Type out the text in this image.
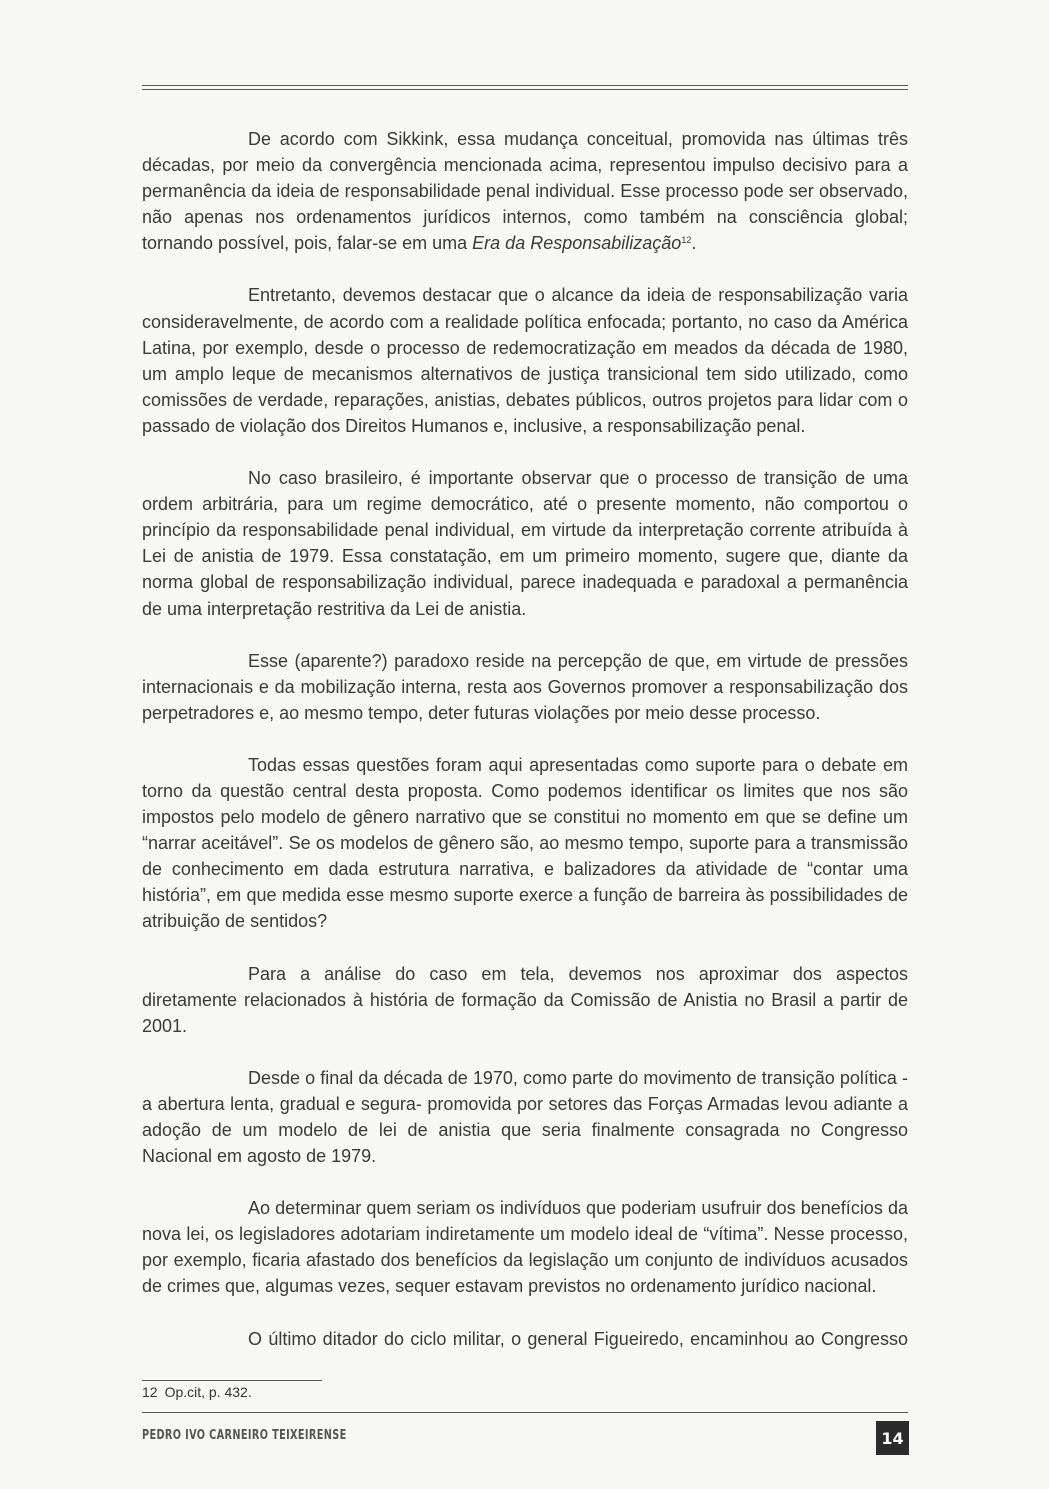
De acordo com Sikkink, essa mudança conceitual, promovida nas últimas três décadas, por meio da convergência mencionada acima, representou impulso decisivo para a permanência da ideia de responsabilidade penal individual. Esse processo pode ser observado, não apenas nos ordenamentos jurídicos internos, como também na consciência global; tornando possível, pois, falar-se em uma Era da Responsabilização$^{12}$.

Entretanto, devemos destacar que o alcance da ideia de responsabilização varia consideravelmente, de acordo com a realidade política enfocada; portanto, no caso da América Latina, por exemplo, desde o processo de redemocratização em meados da década de 1980, um amplo leque de mecanismos alternativos de justiça transicional tem sido utilizado, como comissões de verdade, reparações, anistias, debates públicos, outros projetos para lidar com o passado de violação dos Direitos Humanos e, inclusive, a responsabilização penal.

No caso brasileiro, é importante observar que o processo de transição de uma ordem arbitrária, para um regime democrático, até o presente momento, não comportou o princípio da responsabilidade penal individual, em virtude da interpretação corrente atribuída à Lei de anistia de 1979. Essa constatação, em um primeiro momento, sugere que, diante da norma global de responsabilização individual, parece inadequada e paradoxal a permanência de uma interpretação restritiva da Lei de anistia.

Esse (aparente?) paradoxo reside na percepção de que, em virtude de pressões internacionais e da mobilização interna, resta aos Governos promover a responsabilização dos perpetradores e, ao mesmo tempo, deter futuras violações por meio desse processo.

Todas essas questões foram aqui apresentadas como suporte para o debate em torno da questão central desta proposta. Como podemos identificar os limites que nos são impostos pelo modelo de gênero narrativo que se constitui no momento em que se define um “narrar aceitável”. Se os modelos de gênero são, ao mesmo tempo, suporte para a transmissão de conhecimento em dada estrutura narrativa, e balizadores da atividade de “contar uma história”, em que medida esse mesmo suporte exerce a função de barreira às possibilidades de atribuição de sentidos?

Para a análise do caso em tela, devemos nos aproximar dos aspectos diretamente relacionados à história de formação da Comissão de Anistia no Brasil a partir de 2001.

Desde o final da década de 1970, como parte do movimento de transição política - a abertura lenta, gradual e segura- promovida por setores das Forças Armadas levou adiante a adoção de um modelo de lei de anistia que seria finalmente consagrada no Congresso Nacional em agosto de 1979.

Ao determinar quem seriam os indivíduos que poderiam usufruir dos benefícios da nova lei, os legisladores adotariam indiretamente um modelo ideal de “vítima”. Nesse processo, por exemplo, ficaria afastado dos benefícios da legislação um conjunto de indivíduos acusados de crimes que, algumas vezes, sequer estavam previstos no ordenamento jurídico nacional.

O último ditador do ciclo militar, o general Figueiredo, encaminhou ao Congresso

12 Op.cit, p. 432.
PEDRO IVO CARNEIRO TEIXEIRENSE	14
